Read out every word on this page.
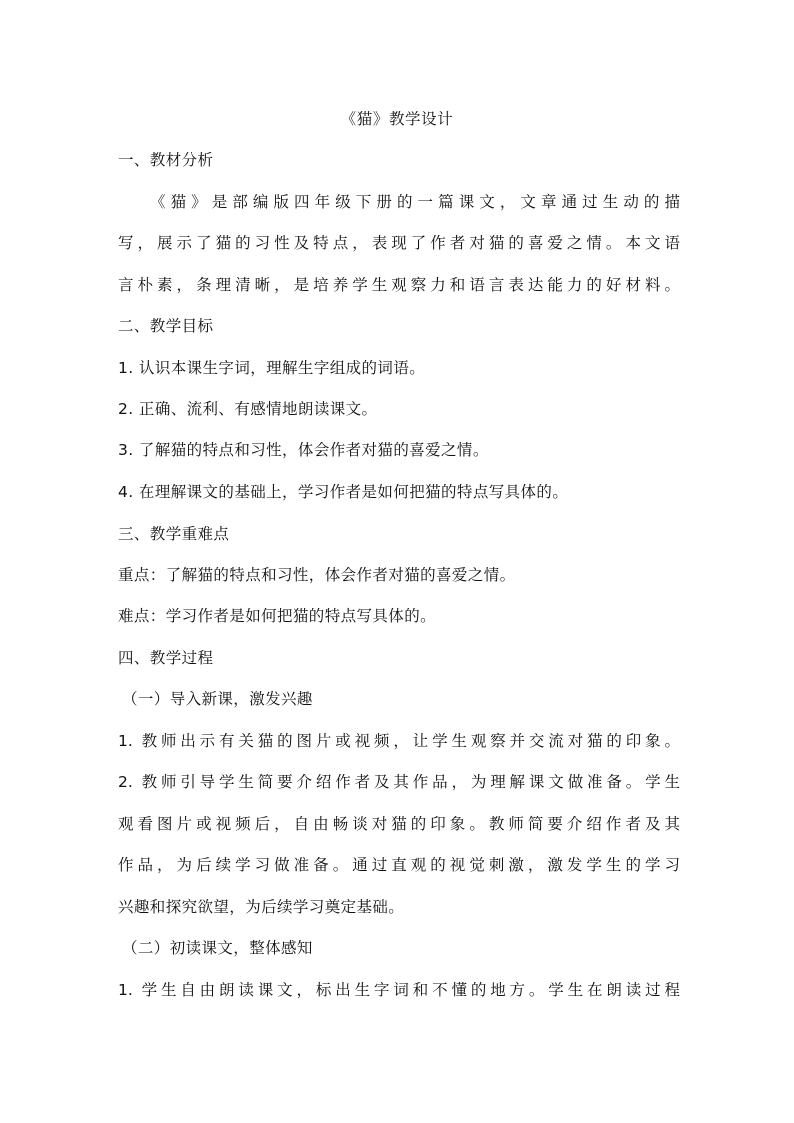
《猫》教学设计
一、教材分析
《猫》是部编版四年级下册的一篇课文，文章通过生动的描
写，展示了猫的习性及特点，表现了作者对猫的喜爱之情。本文语
言朴素，条理清晰，是培养学生观察力和语言表达能力的好材料。
二、教学目标
1. 认识本课生字词，理解生字组成的词语。
2. 正确、流利、有感情地朗读课文。
3. 了解猫的特点和习性，体会作者对猫的喜爱之情。
4. 在理解课文的基础上，学习作者是如何把猫的特点写具体的。
三、教学重难点
重点：了解猫的特点和习性，体会作者对猫的喜爱之情。
难点：学习作者是如何把猫的特点写具体的。
四、教学过程
（一）导入新课，激发兴趣
1. 教师出示有关猫的图片或视频，让学生观察并交流对猫的印象。
2. 教师引导学生简要介绍作者及其作品，为理解课文做准备。学生
观看图片或视频后，自由畅谈对猫的印象。教师简要介绍作者及其
作品，为后续学习做准备。通过直观的视觉刺激，激发学生的学习
兴趣和探究欲望，为后续学习奠定基础。
（二）初读课文，整体感知
1. 学生自由朗读课文，标出生字词和不懂的地方。学生在朗读过程
